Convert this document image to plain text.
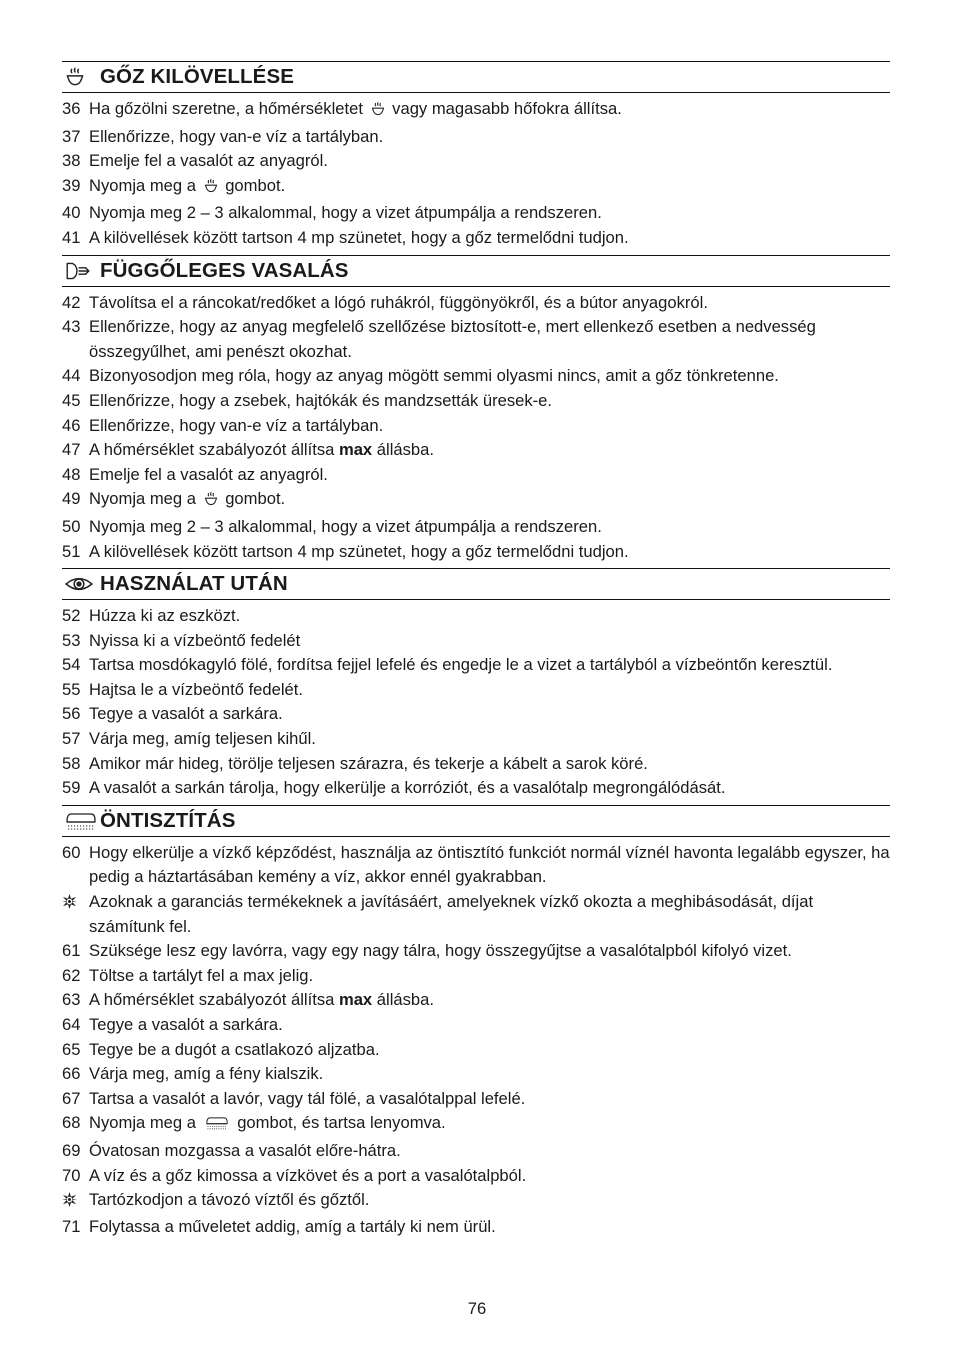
GŐZ KILÖVELLÉSE
36 Ha gőzölni szeretne, a hőmérsékletet  vagy magasabb hőfokra állítsa.
37 Ellenőrizze, hogy van-e víz a tartályban.
38 Emelje fel a vasalót az anyagról.
39 Nyomja meg a  gombot.
40 Nyomja meg 2 – 3 alkalommal, hogy a vizet átpumpálja a rendszeren.
41 A kilövellések között tartson 4 mp szünetet, hogy a gőz termelődni tudjon.
FÜGGŐLEGES VASALÁS
42 Távolítsa el a ráncokat/redőket a lógó ruhákról, függönyökről, és a bútor anyagokról.
43 Ellenőrizze, hogy az anyag megfelelő szellőzése biztosított-e, mert ellenkező esetben a nedvesség összegyűlhet, ami penészt okozhat.
44 Bizonyosodjon meg róla, hogy az anyag mögött semmi olyasmi nincs, amit a gőz tönkretenne.
45 Ellenőrizze, hogy a zsebek, hajtókák és mandzsetták üresek-e.
46 Ellenőrizze, hogy van-e víz a tartályban.
47 A hőmérséklet szabályozót állítsa max állásba.
48 Emelje fel a vasalót az anyagról.
49 Nyomja meg a  gombot.
50 Nyomja meg 2 – 3 alkalommal, hogy a vizet átpumpálja a rendszeren.
51 A kilövellések között tartson 4 mp szünetet, hogy a gőz termelődni tudjon.
HASZNÁLAT UTÁN
52 Húzza ki az eszközt.
53 Nyissa ki a vízbeöntő fedelét
54 Tartsa mosdókagyló fölé, fordítsa fejjel lefelé és engedje le a vizet a tartályból a vízbeöntőn keresztül.
55 Hajtsa le a vízbeöntő fedelét.
56 Tegye a vasalót a sarkára.
57 Várja meg, amíg teljesen kihűl.
58 Amikor már hideg, törölje teljesen szárazra, és tekerje a kábelt a sarok köré.
59 A vasalót a sarkán tárolja, hogy elkerülje a korróziót, és a vasalótalp megrongálódását.
ÖNTISZTÍTÁS
60 Hogy elkerülje a vízkő képződést, használja az öntisztító funkciót normál víznél havonta legalább egyszer, ha pedig a háztartásában kemény a víz, akkor ennél gyakrabban.
Azoknak a garanciás termékeknek a javításáért, amelyeknek vízkő okozta a meghibásodását, díjat számítunk fel.
61 Szüksége lesz egy lavórra, vagy egy nagy tálra, hogy összegyűjtse a vasalótalpból kifolyó vizet.
62 Töltse a tartályt fel a max jelig.
63 A hőmérséklet szabályozót állítsa max állásba.
64 Tegye a vasalót a sarkára.
65 Tegye be a dugót a csatlakozó aljzatba.
66 Várja meg, amíg a fény kialszik.
67 Tartsa a vasalót a lavór, vagy tál fölé, a vasalótalppal lefelé.
68 Nyomja meg a  gombot, és tartsa lenyomva.
69 Óvatosan mozgassa a vasalót előre-hátra.
70 A víz és a gőz kimossa a vízkövet és a port a vasalótalpból.
Tartózkodjon a távozó víztől és gőztől.
71 Folytassa a műveletet addig, amíg a tartály ki nem ürül.
76
